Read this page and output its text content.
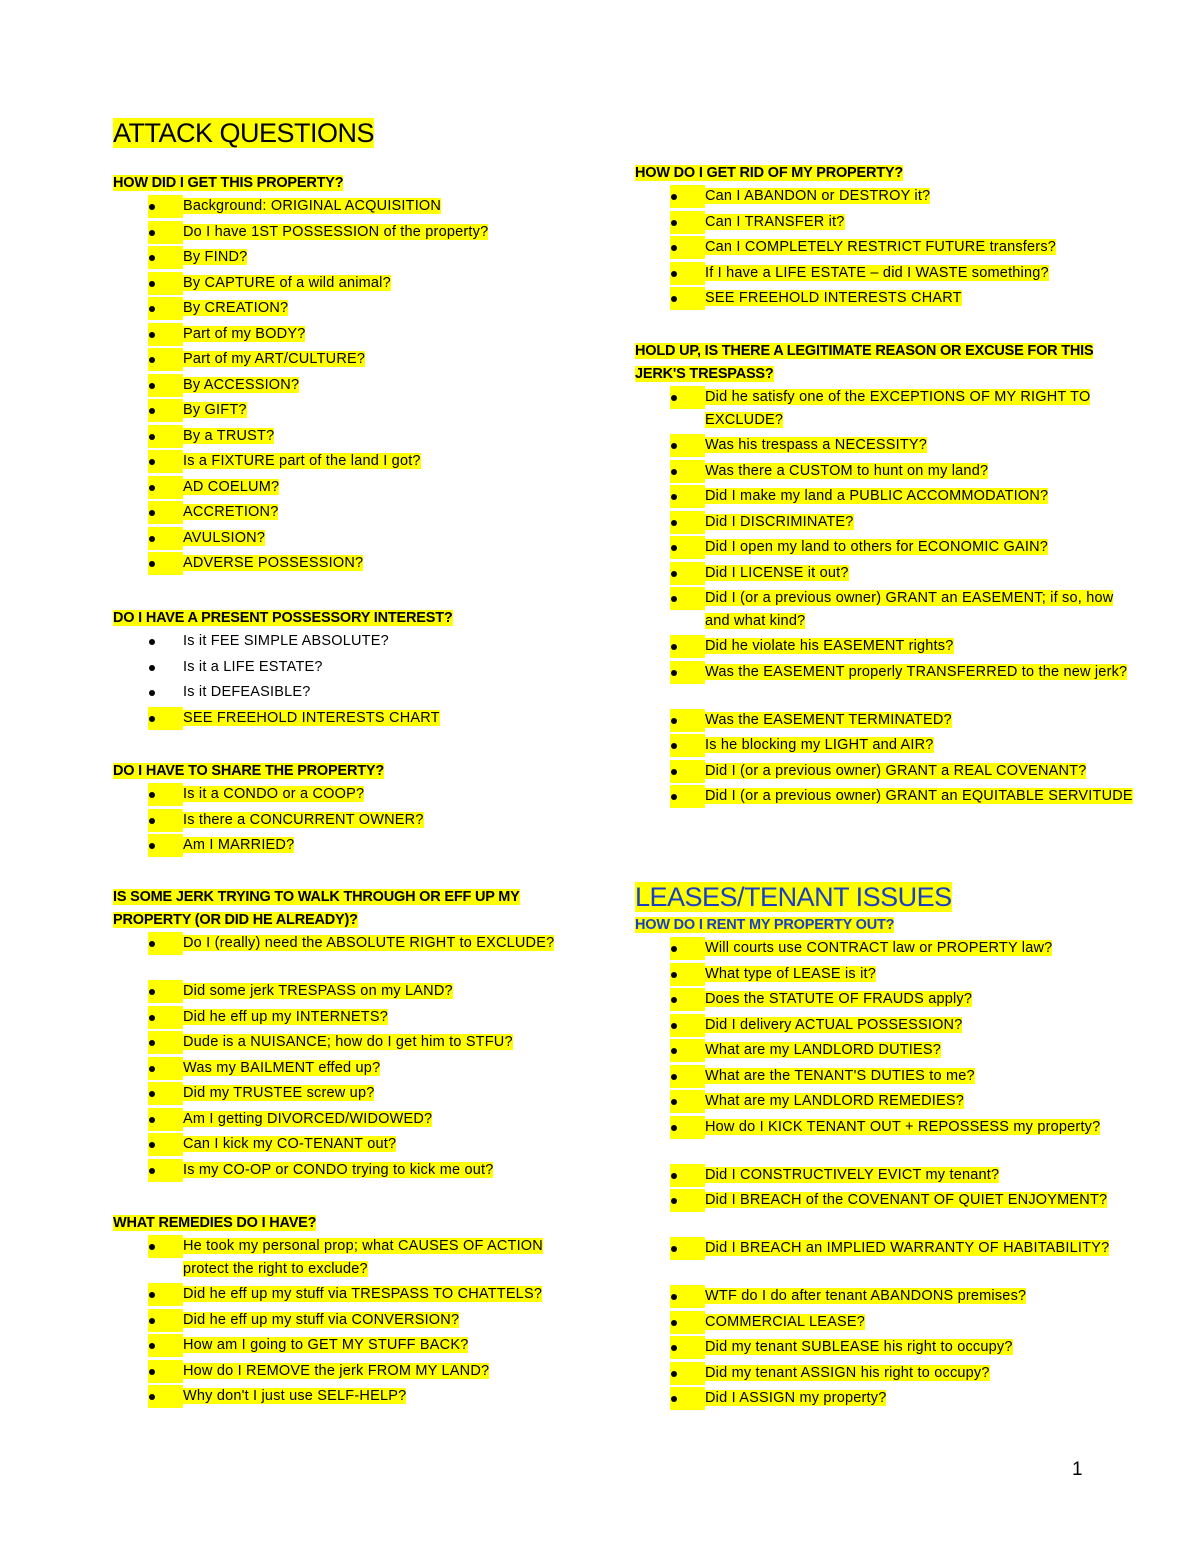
ATTACK QUESTIONS

HOW DID I GET THIS PROPERTY?

Background: ORIGINAL ACQUISITION
Do I have 1ST POSSESSION of the property?
By FIND?
By CAPTURE of a wild animal?
By CREATION?
Part of my BODY?
Part of my ART/CULTURE?
By ACCESSION?
By GIFT?
By a TRUST?
Is a FIXTURE part of the land I got?
AD COELUM?
ACCRETION?
AVULSION?
ADVERSE POSSESSION?

DO I HAVE A PRESENT POSSESSORY INTEREST?

Is it FEE SIMPLE ABSOLUTE?
Is it a LIFE ESTATE?
Is it DEFEASIBLE?
SEE FREEHOLD INTERESTS CHART

DO I HAVE TO SHARE THE PROPERTY?

Is it a CONDO or a COOP?
Is there a CONCURRENT OWNER?
Am I MARRIED?

IS SOME JERK TRYING TO WALK THROUGH OR EFF UP MY PROPERTY (OR DID HE ALREADY)?

Do I (really) need the ABSOLUTE RIGHT to EXCLUDE?
Did some jerk TRESPASS on my LAND?
Did he eff up my INTERNETS?
Dude is a NUISANCE; how do I get him to STFU?
Was my BAILMENT effed up?
Did my TRUSTEE screw up?
Am I getting DIVORCED/WIDOWED?
Can I kick my CO-TENANT out?
Is my CO-OP or CONDO trying to kick me out?

WHAT REMEDIES DO I HAVE?

He took my personal prop; what CAUSES OF ACTION protect the right to exclude?
Did he eff up my stuff via TRESPASS TO CHATTELS?
Did he eff up my stuff via CONVERSION?
How am I going to GET MY STUFF BACK?
How do I REMOVE the jerk FROM MY LAND?
Why don't I just use SELF-HELP?

HOW DO I GET RID OF MY PROPERTY?

Can I ABANDON or DESTROY it?
Can I TRANSFER it?
Can I COMPLETELY RESTRICT FUTURE transfers?
If I have a LIFE ESTATE – did I WASTE something?
SEE FREEHOLD INTERESTS CHART

HOLD UP, IS THERE A LEGITIMATE REASON OR EXCUSE FOR THIS JERK'S TRESPASS?

Did he satisfy one of the EXCEPTIONS OF MY RIGHT TO EXCLUDE?
Was his trespass a NECESSITY?
Was there a CUSTOM to hunt on my land?
Did I make my land a PUBLIC ACCOMMODATION?
Did I DISCRIMINATE?
Did I open my land to others for ECONOMIC GAIN?
Did I LICENSE it out?
Did I (or a previous owner) GRANT an EASEMENT; if so, how and what kind?
Did he violate his EASEMENT rights?
Was the EASEMENT properly TRANSFERRED to the new jerk?
Was the EASEMENT TERMINATED?
Is he blocking my LIGHT and AIR?
Did I (or a previous owner) GRANT a REAL COVENANT?
Did I (or a previous owner) GRANT an EQUITABLE SERVITUDE
LEASES/TENANT ISSUES

HOW DO I RENT MY PROPERTY OUT?

Will courts use CONTRACT law or PROPERTY law?
What type of LEASE is it?
Does the STATUTE OF FRAUDS apply?
Did I delivery ACTUAL POSSESSION?
What are my LANDLORD DUTIES?
What are the TENANT'S DUTIES to me?
What are my LANDLORD REMEDIES?
How do I KICK TENANT OUT + REPOSSESS my property?
Did I CONSTRUCTIVELY EVICT my tenant?
Did I BREACH of the COVENANT OF QUIET ENJOYMENT?
Did I BREACH an IMPLIED WARRANTY OF HABITABILITY?
WTF do I do after tenant ABANDONS premises?
COMMERCIAL LEASE?
Did my tenant SUBLEASE his right to occupy?
Did my tenant ASSIGN his right to occupy?
Did I ASSIGN my property?
1
